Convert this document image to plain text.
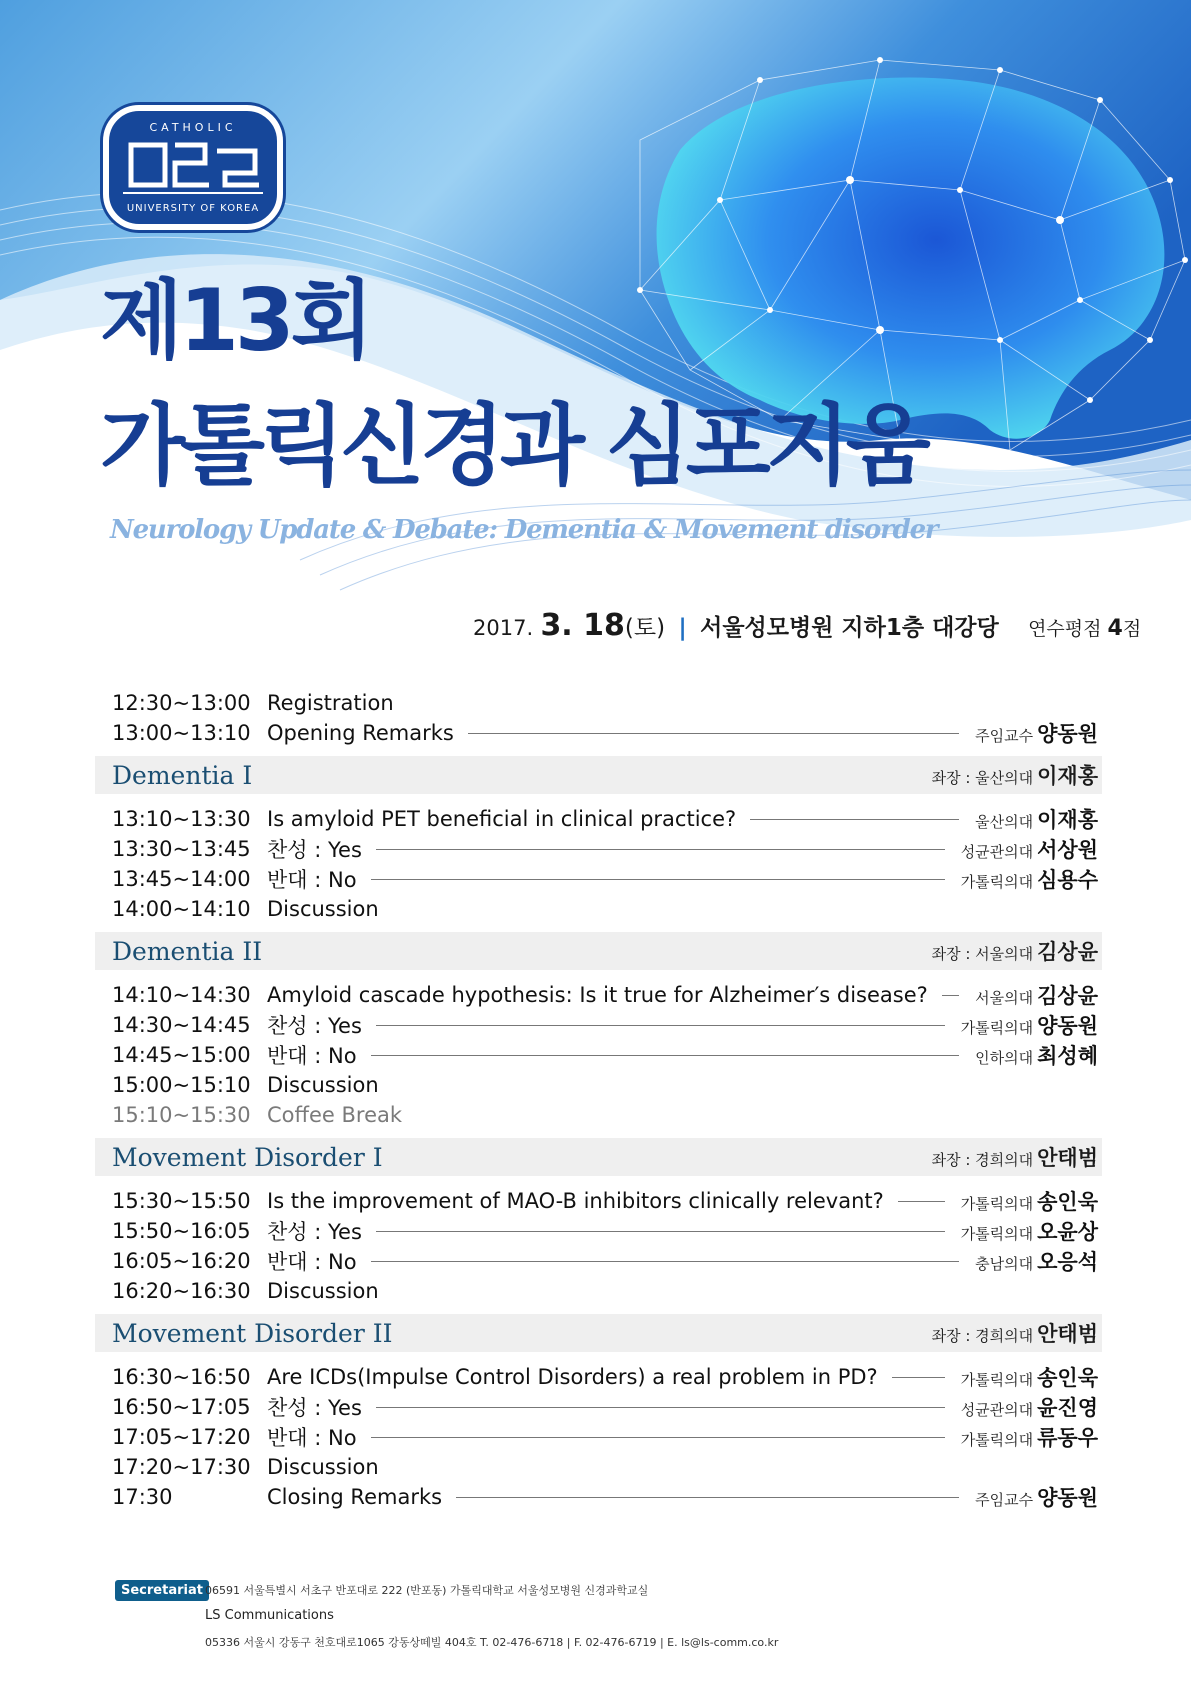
CATHOLIC
UNIVERSITY OF KOREA
제13회
가톨릭신경과 심포지움
Neurology Update & Debate: Dementia & Movement disorder
2017. 3. 18(토) | 서울성모병원 지하1층 대강당 연수평점 4점
12:30~13:00 Registration
13:00~13:10 Opening Remarks	주임교수 양동원
Dementia I	좌장 : 울산의대 이재홍
13:10~13:30 Is amyloid PET beneficial in clinical practice?	울산의대 이재홍
13:30~13:45 찬성 : Yes	성균관의대 서상원
13:45~14:00 반대 : No	가톨릭의대 심용수
14:00~14:10 Discussion
Dementia II	좌장 : 서울의대 김상윤
14:10~14:30 Amyloid cascade hypothesis: Is it true for Alzheimer′s disease?	서울의대 김상윤
14:30~14:45 찬성 : Yes	가톨릭의대 양동원
14:45~15:00 반대 : No	인하의대 최성혜
15:00~15:10 Discussion
15:10~15:30 Coffee Break
Movement Disorder I	좌장 : 경희의대 안태범
15:30~15:50 Is the improvement of MAO-B inhibitors clinically relevant?	가톨릭의대 송인욱
15:50~16:05 찬성 : Yes	가톨릭의대 오윤상
16:05~16:20 반대 : No	충남의대 오응석
16:20~16:30 Discussion
Movement Disorder II	좌장 : 경희의대 안태범
16:30~16:50 Are ICDs(Impulse Control Disorders) a real problem in PD?	가톨릭의대 송인욱
16:50~17:05 찬성 : Yes	성균관의대 윤진영
17:05~17:20 반대 : No	가톨릭의대 류동우
17:20~17:30 Discussion
17:30	Closing Remarks	주임교수 양동원
Secretariat 06591 서울특별시 서초구 반포대로 222 (반포동) 가톨릭대학교 서울성모병원 신경과학교실
LS Communications
05336 서울시 강동구 천호대로1065 강동상떼빌 404호 T. 02-476-6718 | F. 02-476-6719 | E. ls@ls-comm.co.kr
